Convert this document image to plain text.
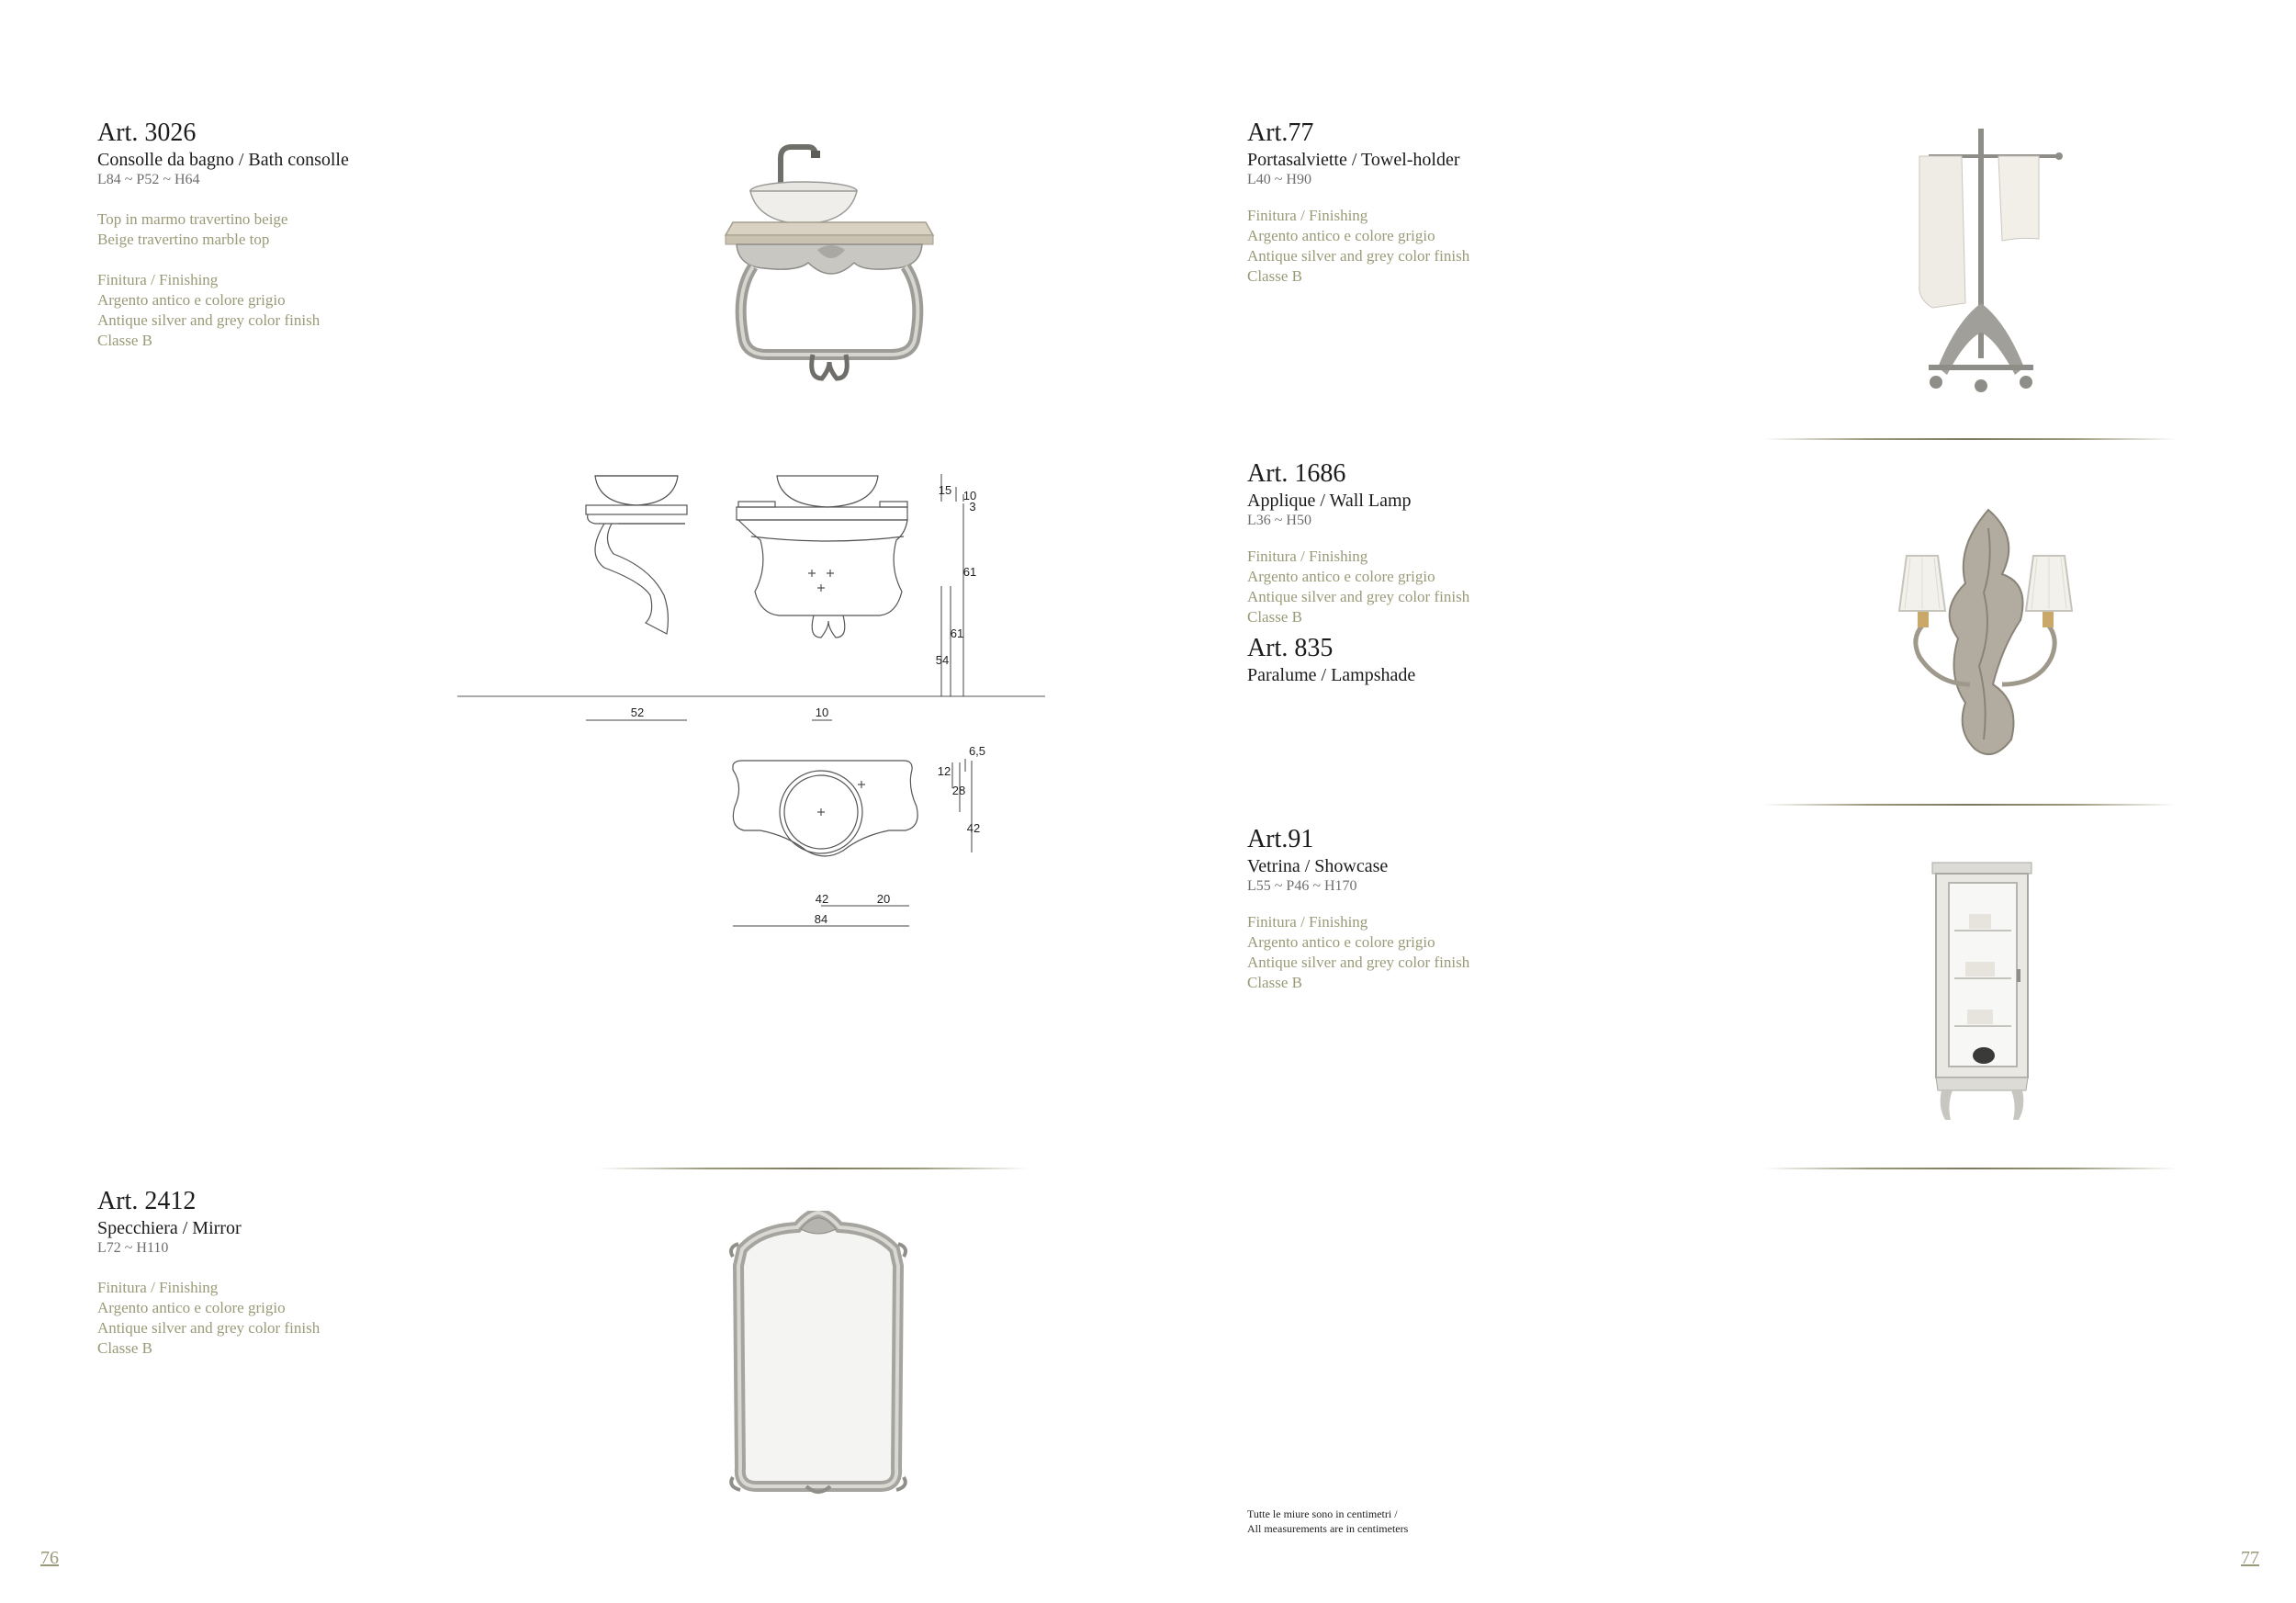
Art. 3026
Consolle da bagno / Bath consolle
L84 ~ P52 ~ H64
Top in marmo travertino beige
Beige travertino marble top
Finitura / Finishing
Argento antico e colore grigio
Antique silver and grey color finish
Classe B
52	10
15 10
3
61
61
54
6,5
12
28
42
42	20
84
Art. 2412
Specchiera / Mirror
L72 ~ H110
Finitura / Finishing
Argento antico e colore grigio
Antique silver and grey color finish
Classe B
76
Art.77
Portasalviette / Towel-holder
L40 ~ H90
Finitura / Finishing
Argento antico e colore grigio
Antique silver and grey color finish
Classe B
Art. 1686
Applique / Wall Lamp
L36 ~ H50
Finitura / Finishing
Argento antico e colore grigio
Antique silver and grey color finish
Classe B
Art. 835
Paralume / Lampshade
Art.91
Vetrina / Showcase
L55 ~ P46 ~ H170
Finitura / Finishing
Argento antico e colore grigio
Antique silver and grey color finish
Classe B
Tutte le miure sono in centimetri /
All measurements are in centimeters
77
